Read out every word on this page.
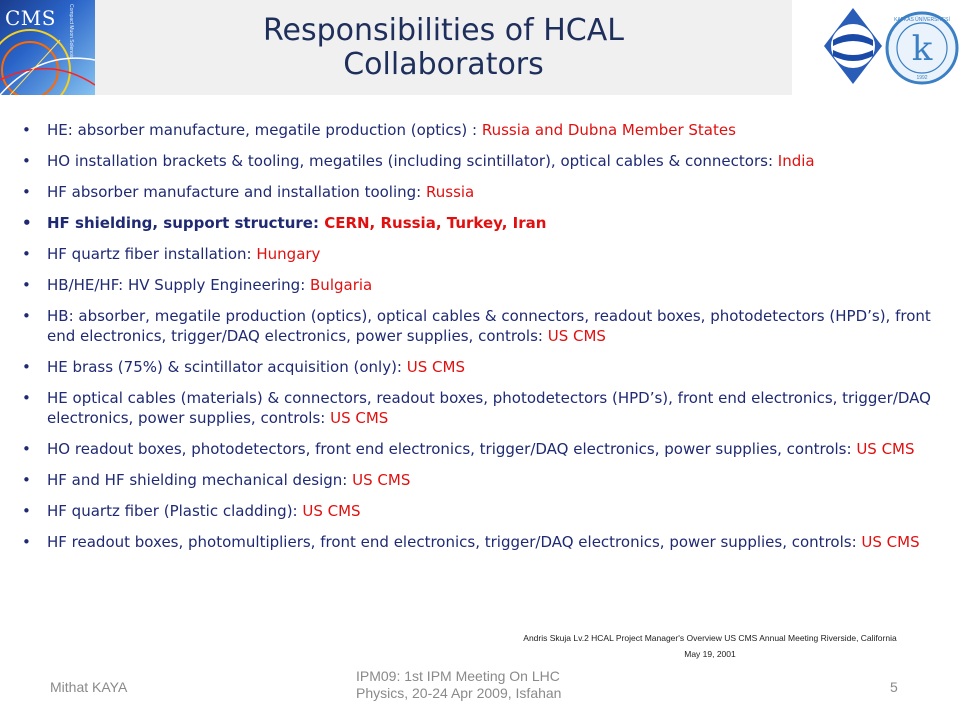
CMS Compact Muon Solenoid	Responsibilities of HCAL
Collaborators	k
KAFKAS ÜNİVERSİTESİ
1992
• HE: absorber manufacture, megatile production (optics) : Russia and Dubna Member States
• HO installation brackets & tooling, megatiles (including scintillator), optical cables & connectors: India
• HF absorber manufacture and installation tooling: Russia
• HF shielding, support structure: CERN, Russia, Turkey, Iran
• HF quartz fiber installation: Hungary
• HB/HE/HF: HV Supply Engineering: Bulgaria
• HB: absorber, megatile production (optics), optical cables & connectors, readout boxes, photodetectors (HPD’s), front end electronics, trigger/DAQ electronics, power supplies, controls: US CMS
• HE brass (75%) & scintillator acquisition (only): US CMS
• HE optical cables (materials) & connectors, readout boxes, photodetectors (HPD’s), front end electronics, trigger/DAQ electronics, power supplies, controls: US CMS
• HO readout boxes, photodetectors, front end electronics, trigger/DAQ electronics, power supplies, controls: US CMS
• HF and HF shielding mechanical design: US CMS
• HF quartz fiber (Plastic cladding): US CMS
• HF readout boxes, photomultipliers, front end electronics, trigger/DAQ electronics, power supplies, controls: US CMS
Andris Skuja Lv.2 HCAL Project Manager's Overview US CMS Annual Meeting Riverside, California
May 19, 2001
Mithat KAYA
IPM09: 1st IPM Meeting On LHC
Physics, 20-24 Apr 2009, Isfahan	5
